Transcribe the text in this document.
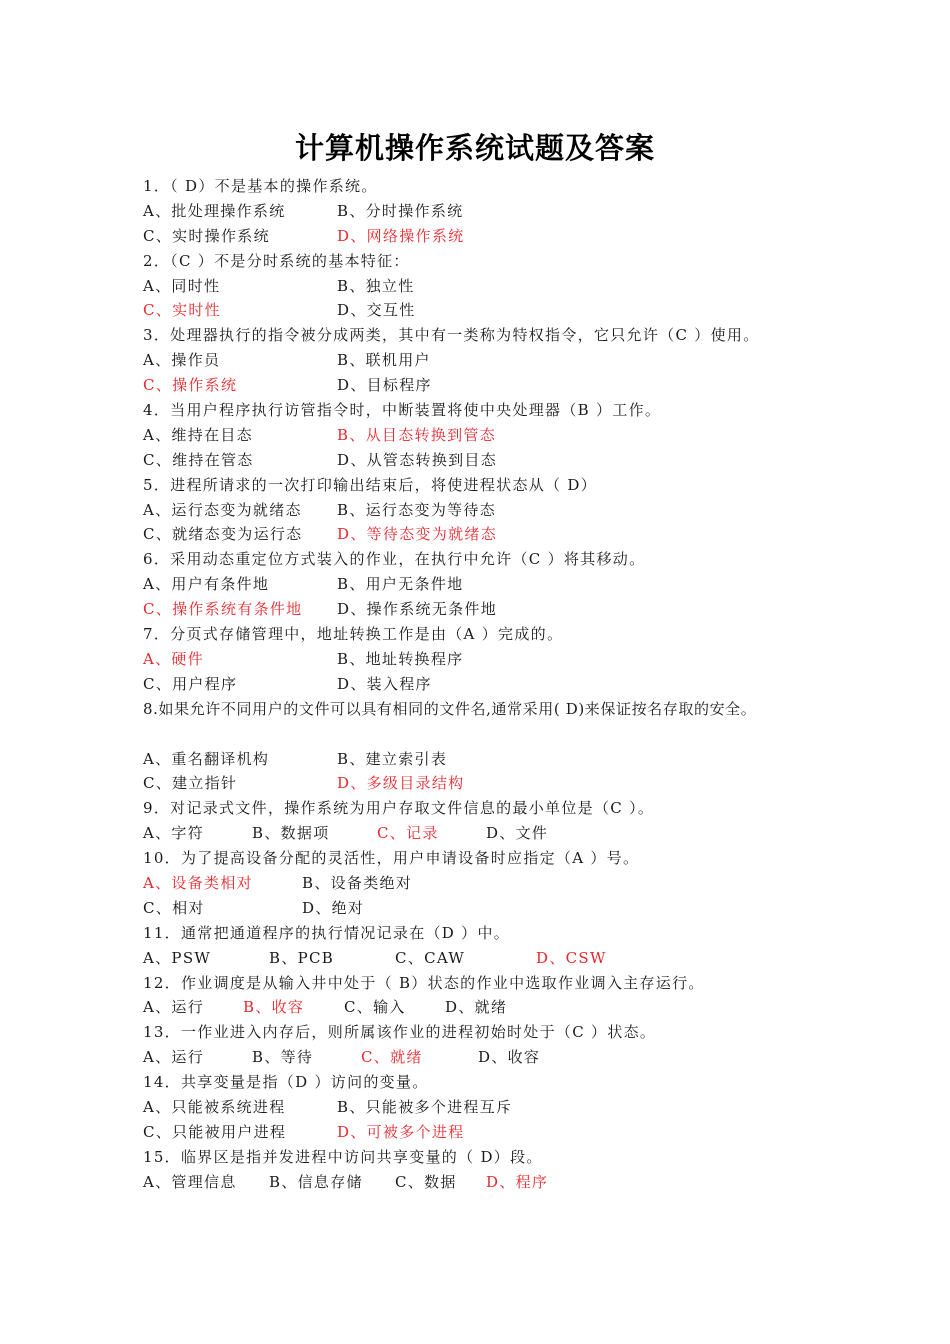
计算机操作系统试题及答案
1．（ D）不是基本的操作系统。
A、批处理操作系统	B、分时操作系统
C、实时操作系统	D、网络操作系统
2．（C ）不是分时系统的基本特征：
A、同时性	B、独立性
C、实时性	D、交互性
3．处理器执行的指令被分成两类，其中有一类称为特权指令，它只允许（C ）使用。
A、操作员	B、联机用户
C、操作系统	D、目标程序
4．当用户程序执行访管指令时，中断装置将使中央处理器（B ）工作。
A、维持在目态	B、从目态转换到管态
C、维持在管态	D、从管态转换到目态
5．进程所请求的一次打印输出结束后，将使进程状态从（ D）
A、运行态变为就绪态 B、运行态变为等待态
C、就绪态变为运行态 D、等待态变为就绪态
6．采用动态重定位方式装入的作业，在执行中允许（C ）将其移动。
A、用户有条件地	B、用户无条件地
C、操作系统有条件地 D、操作系统无条件地
7．分页式存储管理中，地址转换工作是由（A ）完成的。
A、硬件	B、地址转换程序
C、用户程序	D、装入程序
8.如果允许不同用户的文件可以具有相同的文件名,通常采用( D)来保证按名存取的安全。
A、重名翻译机构	B、建立索引表
C、建立指针	D、多级目录结构
9．对记录式文件，操作系统为用户存取文件信息的最小单位是（C ）。
A、字符	B、数据项	C、记录	D、文件
10．为了提高设备分配的灵活性，用户申请设备时应指定（A ）号。
A、设备类相对	B、设备类绝对
C、相对	D、绝对
11．通常把通道程序的执行情况记录在（D ）中。
A、PSW	B、PCB	C、CAW	D、CSW
12．作业调度是从输入井中处于（ B）状态的作业中选取作业调入主存运行。
A、运行	B、收容	C、输入	D、就绪
13．一作业进入内存后，则所属该作业的进程初始时处于（C ）状态。
A、运行	B、等待	C、就绪	D、收容
14．共享变量是指（D ）访问的变量。
A、只能被系统进程	B、只能被多个进程互斥
C、只能被用户进程	D、可被多个进程
15．临界区是指并发进程中访问共享变量的（ D）段。
A、管理信息 B、信息存储 C、数据 D、程序
